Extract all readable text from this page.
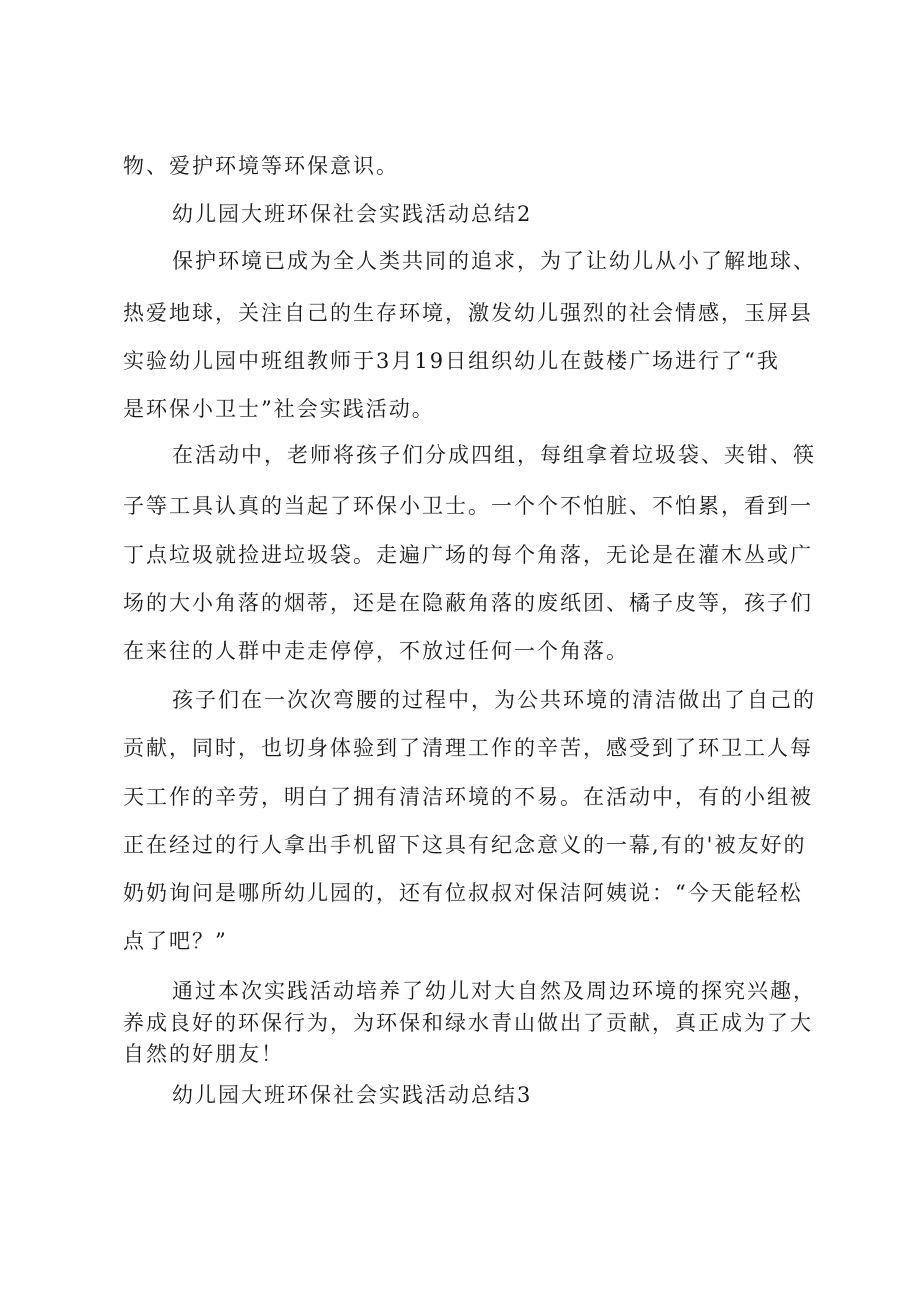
物、爱护环境等环保意识。
幼儿园大班环保社会实践活动总结2
保护环境已成为全人类共同的追求，为了让幼儿从小了解地球、
热爱地球，关注自己的生存环境，激发幼儿强烈的社会情感，玉屏县
实验幼儿园中班组教师于3月19日组织幼儿在鼓楼广场进行了“我
是环保小卫士”社会实践活动。
在活动中，老师将孩子们分成四组，每组拿着垃圾袋、夹钳、筷
子等工具认真的当起了环保小卫士。一个个不怕脏、不怕累，看到一
丁点垃圾就捡进垃圾袋。走遍广场的每个角落，无论是在灌木丛或广
场的大小角落的烟蒂，还是在隐蔽角落的废纸团、橘子皮等，孩子们
在来往的人群中走走停停，不放过任何一个角落。
孩子们在一次次弯腰的过程中，为公共环境的清洁做出了自己的
贡献，同时，也切身体验到了清理工作的辛苦，感受到了环卫工人每
天工作的辛劳，明白了拥有清洁环境的不易。在活动中，有的小组被
正在经过的行人拿出手机留下这具有纪念意义的一幕,有的'被友好的
奶奶询问是哪所幼儿园的，还有位叔叔对保洁阿姨说：“今天能轻松
点了吧？”
通过本次实践活动培养了幼儿对大自然及周边环境的探究兴趣，
养成良好的环保行为，为环保和绿水青山做出了贡献，真正成为了大
自然的好朋友！
幼儿园大班环保社会实践活动总结3
